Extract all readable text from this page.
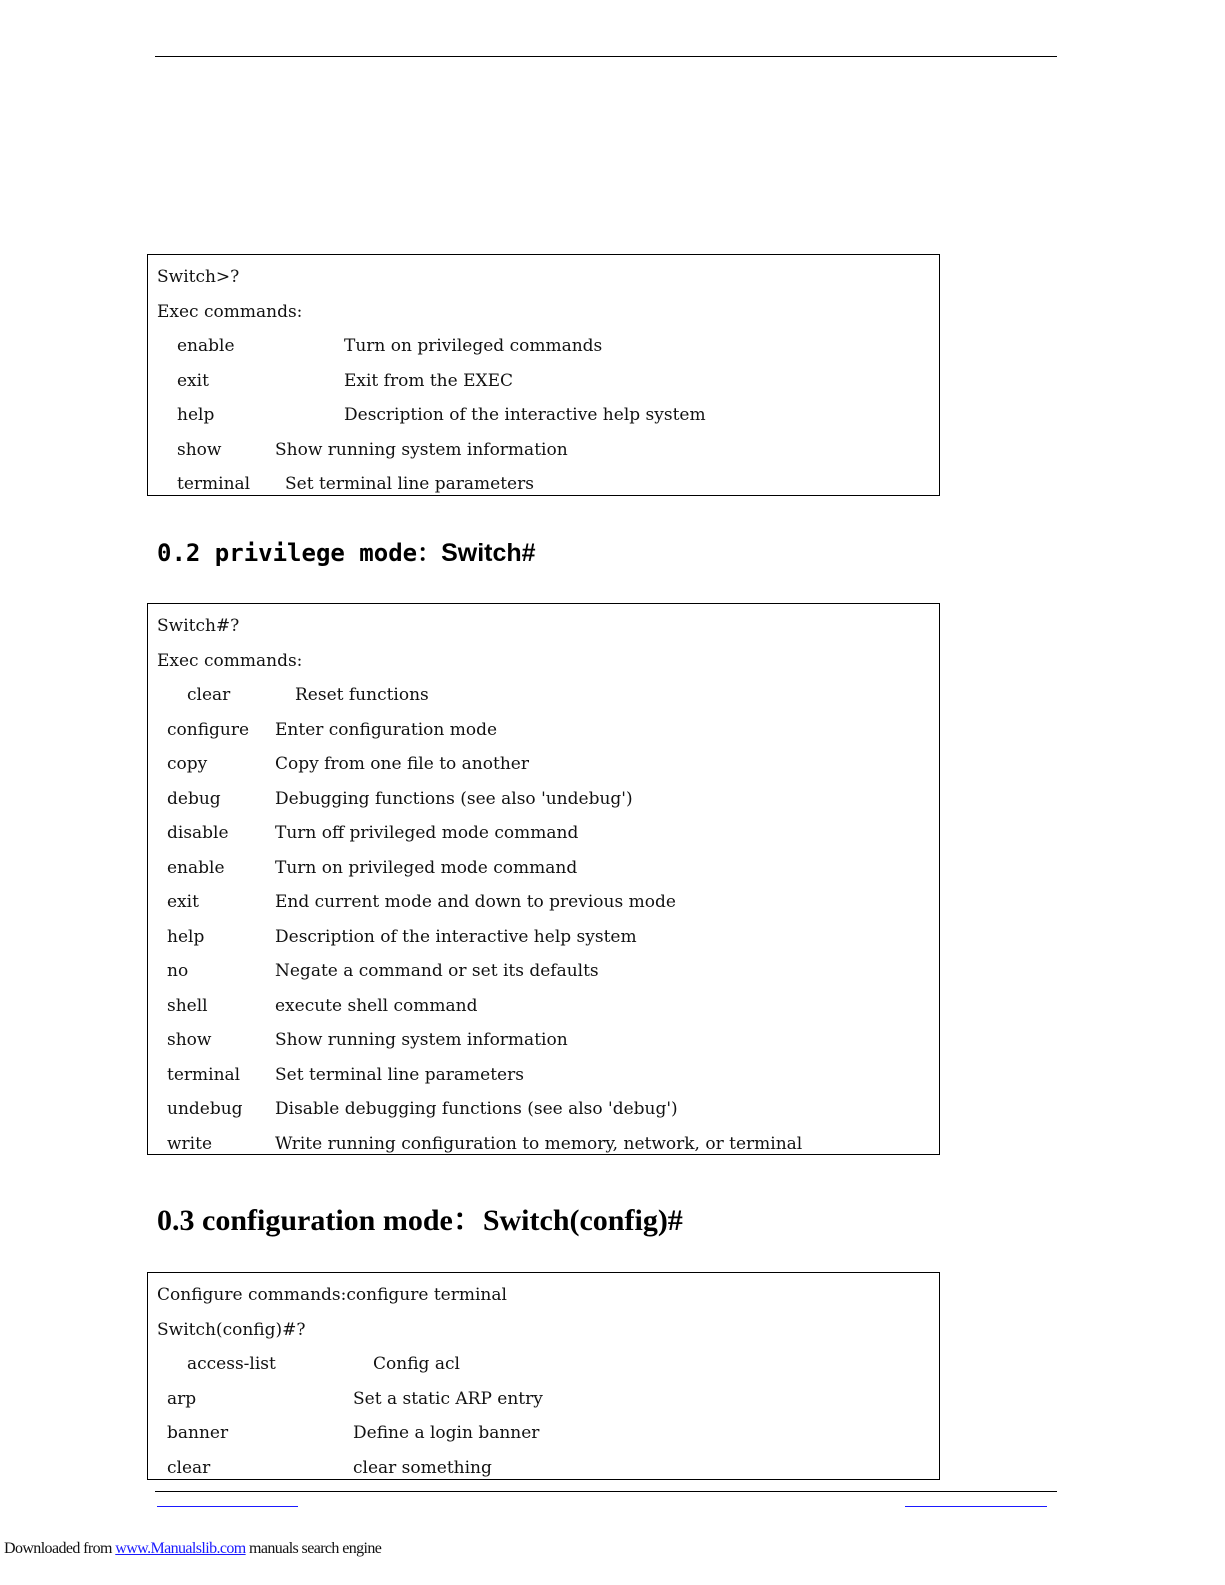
Switch>?
Exec commands:
enable	Turn on privileged commands
exit	Exit from the EXEC
help	Description of the interactive help system
show	Show running system information
terminal Set terminal line parameters
0.2 privilege mode：Switch#
Switch#?
Exec commands:
clear	Reset functions
configure Enter configuration mode
copy	Copy from one file to another
debug	Debugging functions (see also 'undebug')
disable	Turn off privileged mode command
enable	Turn on privileged mode command
exit	End current mode and down to previous mode
help	Description of the interactive help system
no	Negate a command or set its defaults
shell	execute shell command
show	Show running system information
terminal Set terminal line parameters
undebug Disable debugging functions (see also 'debug')
write	Write running configuration to memory, network, or terminal
0.3 configuration mode：Switch(config)#
Configure commands:configure terminal
Switch(config)#?
access-list	Config acl
arp	Set a static ARP entry
banner	Define a login banner
clear	clear something
Downloaded from www.Manualslib.com manuals search engine
